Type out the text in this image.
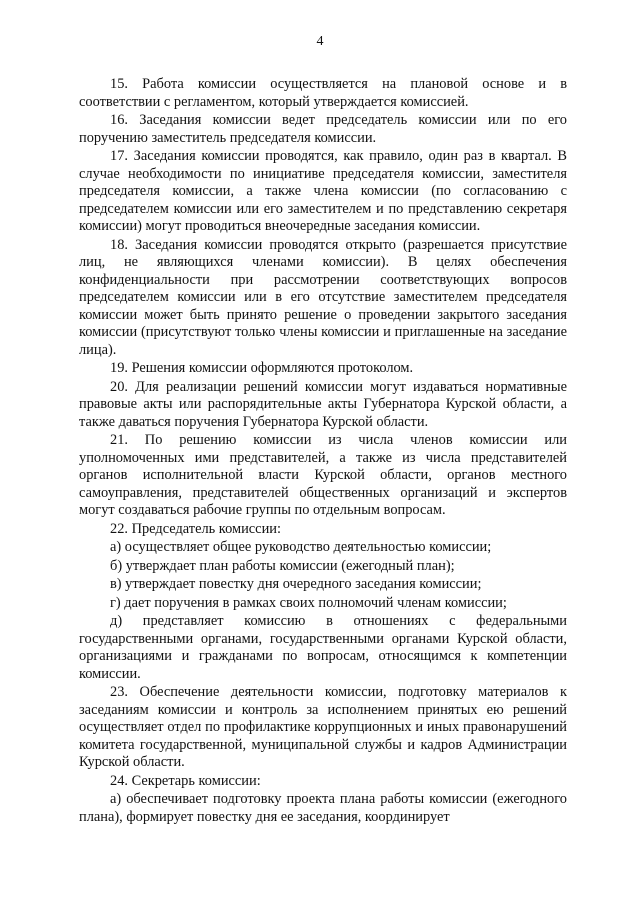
4

15. Работа комиссии осуществляется на плановой основе и в соответствии с регламентом, который утверждается комиссией.

16. Заседания комиссии ведет председатель комиссии или по его поручению заместитель председателя комиссии.

17. Заседания комиссии проводятся, как правило, один раз в квартал. В случае необходимости по инициативе председателя комиссии, заместителя председателя комиссии, а также члена комиссии (по согласованию с председателем комиссии или его заместителем и по представлению секретаря комиссии) могут проводиться внеочередные заседания комиссии.

18. Заседания комиссии проводятся открыто (разрешается присутствие лиц, не являющихся членами комиссии). В целях обеспечения конфиденциальности при рассмотрении соответствующих вопросов председателем комиссии или в его отсутствие заместителем председателя комиссии может быть принято решение о проведении закрытого заседания комиссии (присутствуют только члены комиссии и приглашенные на заседание лица).

19. Решения комиссии оформляются протоколом.

20. Для реализации решений комиссии могут издаваться нормативные правовые акты или распорядительные акты Губернатора Курской области, а также даваться поручения Губернатора Курской области.

21. По решению комиссии из числа членов комиссии или уполномоченных ими представителей, а также из числа представителей органов исполнительной власти Курской области, органов местного самоуправления, представителей общественных организаций и экспертов могут создаваться рабочие группы по отдельным вопросам.

22. Председатель комиссии:

а) осуществляет общее руководство деятельностью комиссии;

б) утверждает план работы комиссии (ежегодный план);

в) утверждает повестку дня очередного заседания комиссии;

г) дает поручения в рамках своих полномочий членам комиссии;

д) представляет комиссию в отношениях с федеральными государственными органами, государственными органами Курской области, организациями и гражданами по вопросам, относящимся к компетенции комиссии.

23. Обеспечение деятельности комиссии, подготовку материалов к заседаниям комиссии и контроль за исполнением принятых ею решений осуществляет отдел по профилактике коррупционных и иных правонарушений комитета государственной, муниципальной службы и кадров Администрации Курской области.

24. Секретарь комиссии:

а) обеспечивает подготовку проекта плана работы комиссии (ежегодного плана), формирует повестку дня ее заседания, координирует
